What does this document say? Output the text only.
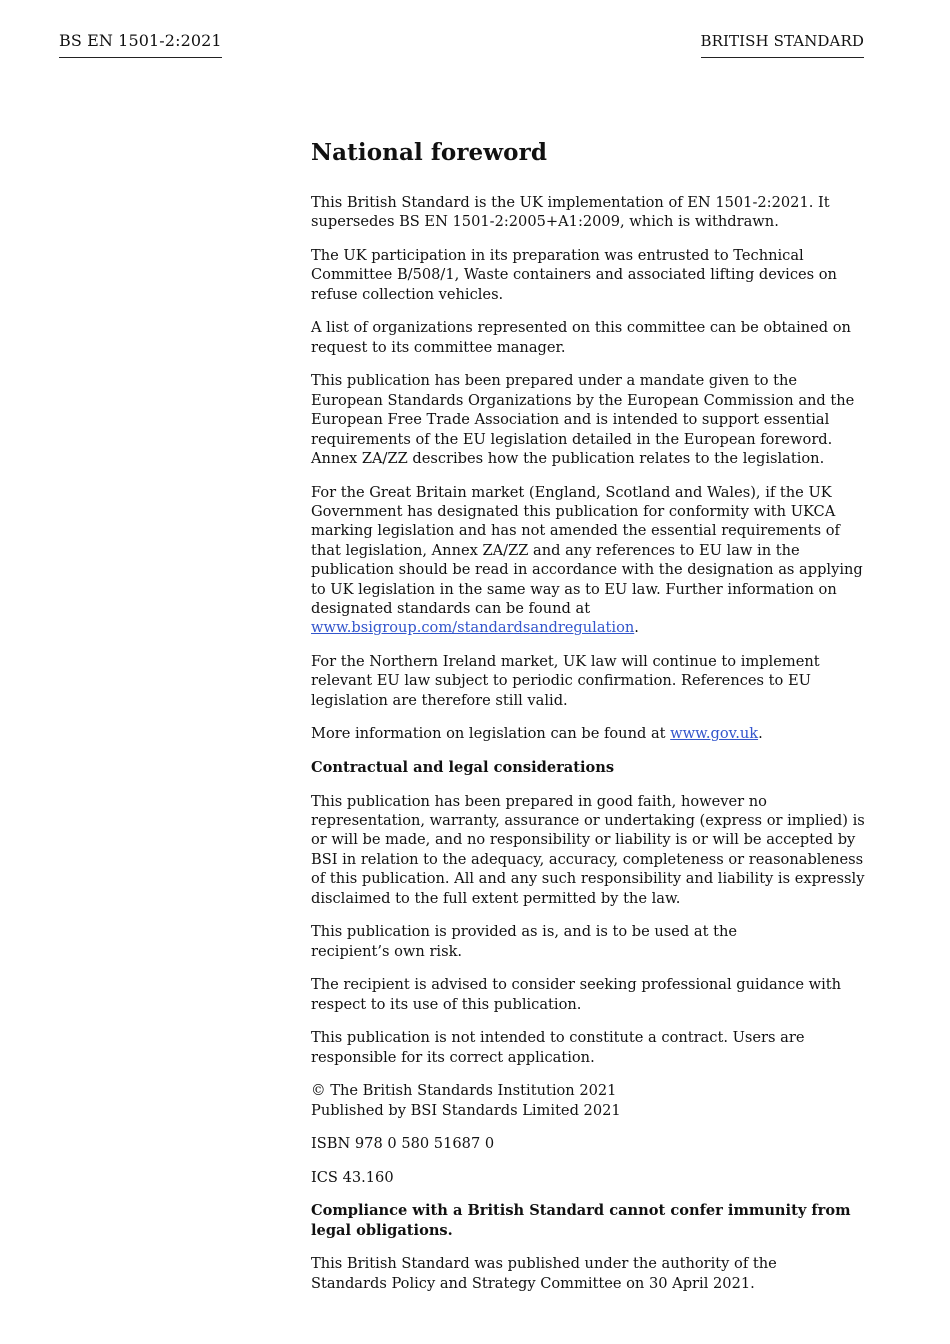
BS EN 1501-2:2021	BRITISH STANDARD
National foreword

This British Standard is the UK implementation of EN 1501-2:2021. It supersedes BS EN 1501-2:2005+A1:2009, which is withdrawn.

The UK participation in its preparation was entrusted to Technical Committee B/508/1, Waste containers and associated lifting devices on refuse collection vehicles.

A list of organizations represented on this committee can be obtained on request to its committee manager.

This publication has been prepared under a mandate given to the European Standards Organizations by the European Commission and the European Free Trade Association and is intended to support essential requirements of the EU legislation detailed in the European foreword. Annex ZA/ZZ describes how the publication relates to the legislation.

For the Great Britain market (England, Scotland and Wales), if the UK Government has designated this publication for conformity with UKCA marking legislation and has not amended the essential requirements of that legislation, Annex ZA/ZZ and any references to EU law in the publication should be read in accordance with the designation as applying to UK legislation in the same way as to EU law. Further information on designated standards can be found at www.bsigroup.com/standardsandregulation.

For the Northern Ireland market, UK law will continue to implement relevant EU law subject to periodic confirmation. References to EU legislation are therefore still valid.

More information on legislation can be found at www.gov.uk.

Contractual and legal considerations

This publication has been prepared in good faith, however no representation, warranty, assurance or undertaking (express or implied) is or will be made, and no responsibility or liability is or will be accepted by BSI in relation to the adequacy, accuracy, completeness or reasonableness of this publication. All and any such responsibility and liability is expressly disclaimed to the full extent permitted by the law.

This publication is provided as is, and is to be used at the
recipient’s own risk.

The recipient is advised to consider seeking professional guidance with respect to its use of this publication.

This publication is not intended to constitute a contract. Users are responsible for its correct application.

© The British Standards Institution 2021
Published by BSI Standards Limited 2021

ISBN 978 0 580 51687 0

ICS 43.160

Compliance with a British Standard cannot confer immunity from legal obligations.

This British Standard was published under the authority of the
Standards Policy and Strategy Committee on 30 April 2021.
